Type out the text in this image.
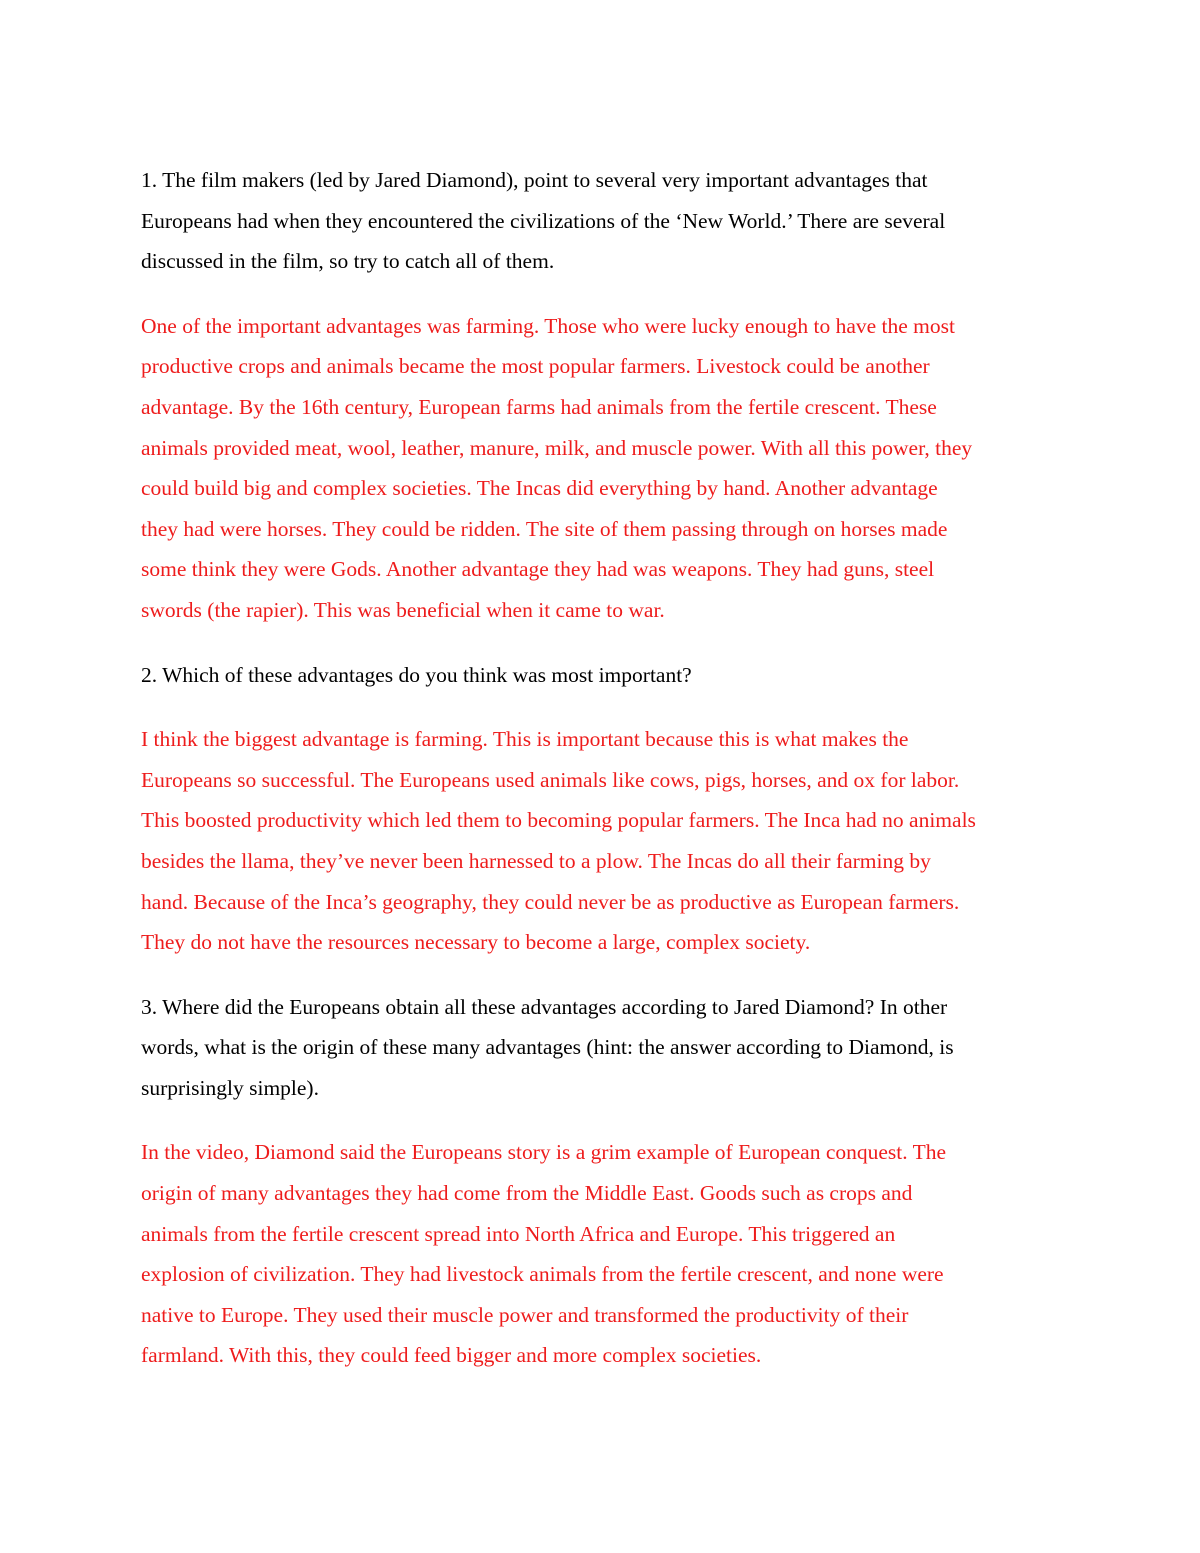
1. The film makers (led by Jared Diamond), point to several very important advantages that
Europeans had when they encountered the civilizations of the ‘New World.’ There are several
discussed in the film, so try to catch all of them.
One of the important advantages was farming. Those who were lucky enough to have the most
productive crops and animals became the most popular farmers. Livestock could be another
advantage. By the 16th century, European farms had animals from the fertile crescent. These
animals provided meat, wool, leather, manure, milk, and muscle power. With all this power, they
could build big and complex societies. The Incas did everything by hand. Another advantage
they had were horses. They could be ridden. The site of them passing through on horses made
some think they were Gods. Another advantage they had was weapons. They had guns, steel
swords (the rapier). This was beneficial when it came to war.
2. Which of these advantages do you think was most important?
I think the biggest advantage is farming. This is important because this is what makes the
Europeans so successful. The Europeans used animals like cows, pigs, horses, and ox for labor.
This boosted productivity which led them to becoming popular farmers. The Inca had no animals
besides the llama, they’ve never been harnessed to a plow. The Incas do all their farming by
hand. Because of the Inca’s geography, they could never be as productive as European farmers.
They do not have the resources necessary to become a large, complex society.
3. Where did the Europeans obtain all these advantages according to Jared Diamond? In other
words, what is the origin of these many advantages (hint: the answer according to Diamond, is
surprisingly simple).
In the video, Diamond said the Europeans story is a grim example of European conquest. The
origin of many advantages they had come from the Middle East. Goods such as crops and
animals from the fertile crescent spread into North Africa and Europe. This triggered an
explosion of civilization. They had livestock animals from the fertile crescent, and none were
native to Europe. They used their muscle power and transformed the productivity of their
farmland. With this, they could feed bigger and more complex societies.
